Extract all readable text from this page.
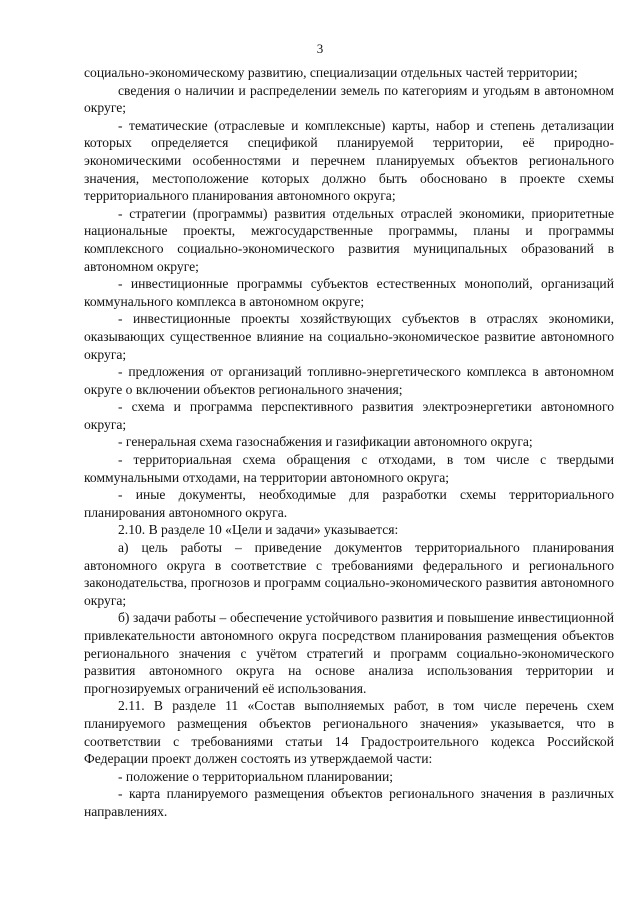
3

социально-экономическому развитию, специализации отдельных частей территории;

сведения о наличии и распределении земель по категориям и угодьям в автономном округе;

- тематические (отраслевые и комплексные) карты, набор и степень детализации которых определяется спецификой планируемой территории, её природно-экономическими особенностями и перечнем планируемых объектов регионального значения, местоположение которых должно быть обосновано в проекте схемы территориального планирования автономного округа;

- стратегии (программы) развития отдельных отраслей экономики, приоритетные национальные проекты, межгосударственные программы, планы и программы комплексного социально-экономического развития муниципальных образований в автономном округе;

- инвестиционные программы субъектов естественных монополий, организаций коммунального комплекса в автономном округе;

- инвестиционные проекты хозяйствующих субъектов в отраслях экономики, оказывающих существенное влияние на социально-экономическое развитие автономного округа;

- предложения от организаций топливно-энергетического комплекса в автономном округе о включении объектов регионального значения;

- схема и программа перспективного развития электроэнергетики автономного округа;

- генеральная схема газоснабжения и газификации автономного округа;

- территориальная схема обращения с отходами, в том числе с твердыми коммунальными отходами, на территории автономного округа;

- иные документы, необходимые для разработки схемы территориального планирования автономного округа.

2.10. В разделе 10 «Цели и задачи» указывается:

а) цель работы – приведение документов территориального планирования автономного округа в соответствие с требованиями федерального и регионального законодательства, прогнозов и программ социально-экономического развития автономного округа;

б) задачи работы – обеспечение устойчивого развития и повышение инвестиционной привлекательности автономного округа посредством планирования размещения объектов регионального значения с учётом стратегий и программ социально-экономического развития автономного округа на основе анализа использования территории и прогнозируемых ограничений её использования.

2.11. В разделе 11 «Состав выполняемых работ, в том числе перечень схем планируемого размещения объектов регионального значения» указывается, что в соответствии с требованиями статьи 14 Градостроительного кодекса Российской Федерации проект должен состоять из утверждаемой части:

- положение о территориальном планировании;

- карта планируемого размещения объектов регионального значения в различных направлениях.
